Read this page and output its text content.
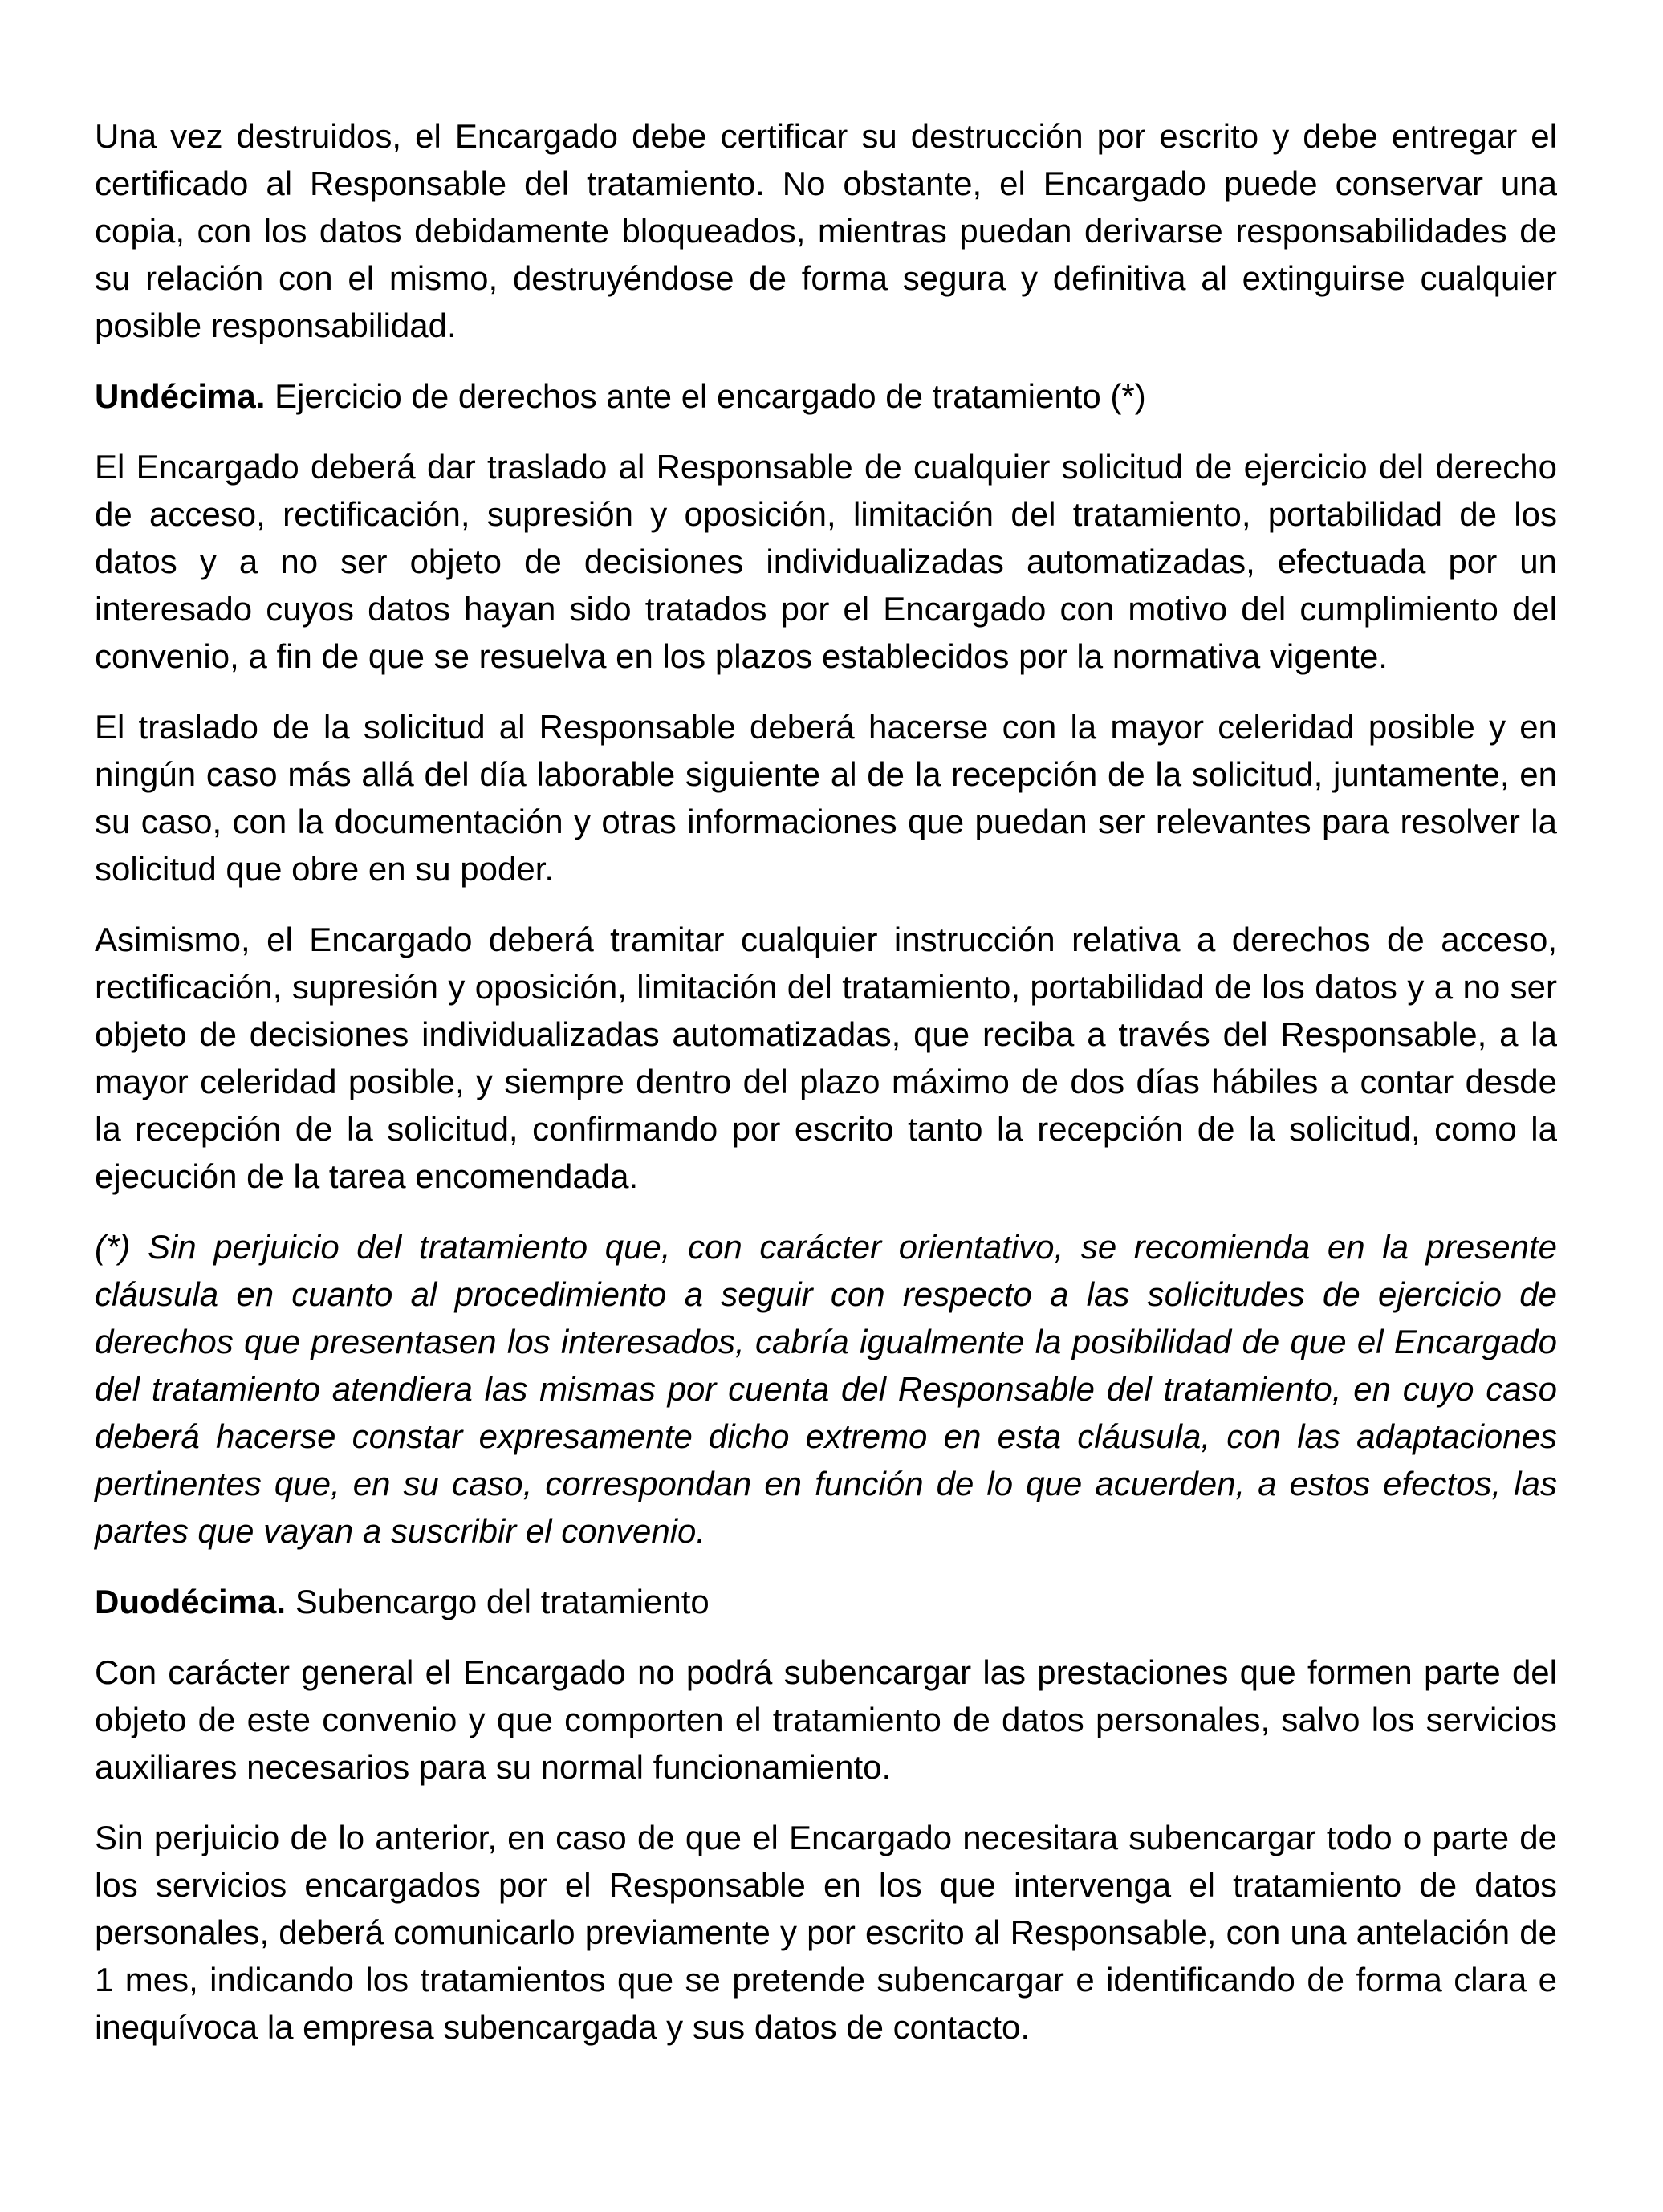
Una vez destruidos, el Encargado debe certificar su destrucción por escrito y debe entregar el certificado al Responsable del tratamiento. No obstante, el Encargado puede conservar una copia, con los datos debidamente bloqueados, mientras puedan derivarse responsabilidades de su relación con el mismo, destruyéndose de forma segura y definitiva al extinguirse cualquier posible responsabilidad.

Undécima. Ejercicio de derechos ante el encargado de tratamiento (*)

El Encargado deberá dar traslado al Responsable de cualquier solicitud de ejercicio del derecho de acceso, rectificación, supresión y oposición, limitación del tratamiento, portabilidad de los datos y a no ser objeto de decisiones individualizadas automatizadas, efectuada por un interesado cuyos datos hayan sido tratados por el Encargado con motivo del cumplimiento del convenio, a fin de que se resuelva en los plazos establecidos por la normativa vigente.

El traslado de la solicitud al Responsable deberá hacerse con la mayor celeridad posible y en ningún caso más allá del día laborable siguiente al de la recepción de la solicitud, juntamente, en su caso, con la documentación y otras informaciones que puedan ser relevantes para resolver la solicitud que obre en su poder.

Asimismo, el Encargado deberá tramitar cualquier instrucción relativa a derechos de acceso, rectificación, supresión y oposición, limitación del tratamiento, portabilidad de los datos y a no ser objeto de decisiones individualizadas automatizadas, que reciba a través del Responsable, a la mayor celeridad posible, y siempre dentro del plazo máximo de dos días hábiles a contar desde la recepción de la solicitud, confirmando por escrito tanto la recepción de la solicitud, como la ejecución de la tarea encomendada.

(*) Sin perjuicio del tratamiento que, con carácter orientativo, se recomienda en la presente cláusula en cuanto al procedimiento a seguir con respecto a las solicitudes de ejercicio de derechos que presentasen los interesados, cabría igualmente la posibilidad de que el Encargado del tratamiento atendiera las mismas por cuenta del Responsable del tratamiento, en cuyo caso deberá hacerse constar expresamente dicho extremo en esta cláusula, con las adaptaciones pertinentes que, en su caso, correspondan en función de lo que acuerden, a estos efectos, las partes que vayan a suscribir el convenio.

Duodécima. Subencargo del tratamiento

Con carácter general el Encargado no podrá subencargar las prestaciones que formen parte del objeto de este convenio y que comporten el tratamiento de datos personales, salvo los servicios auxiliares necesarios para su normal funcionamiento.

Sin perjuicio de lo anterior, en caso de que el Encargado necesitara subencargar todo o parte de los servicios encargados por el Responsable en los que intervenga el tratamiento de datos personales, deberá comunicarlo previamente y por escrito al Responsable, con una antelación de 1 mes, indicando los tratamientos que se pretende subencargar e identificando de forma clara e inequívoca la empresa subencargada y sus datos de contacto.
